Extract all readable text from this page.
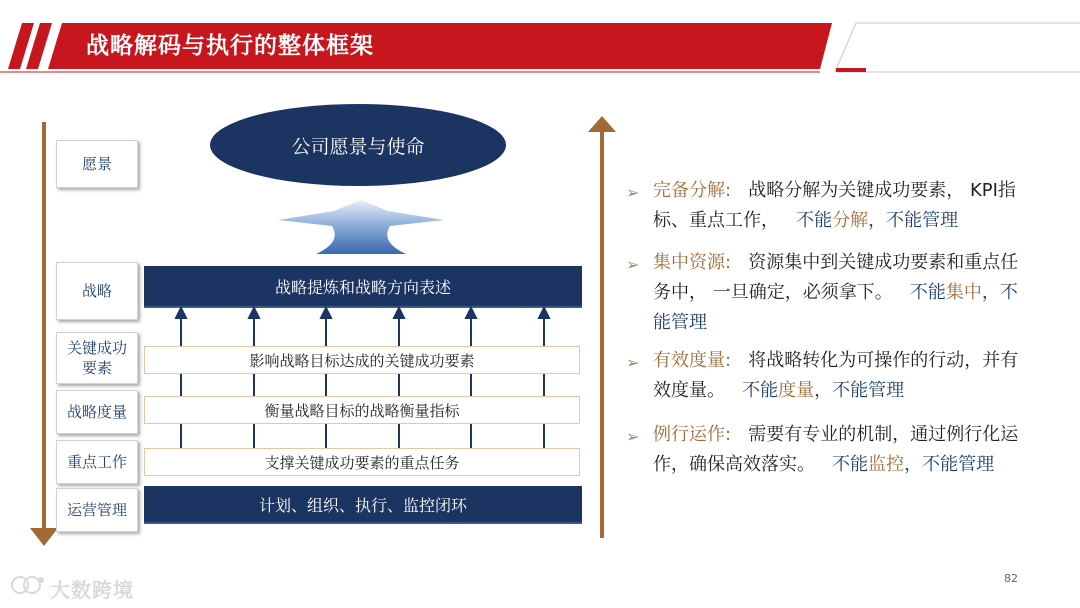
战略解码与执行的整体框架
愿景
战略
关键成功
要素
战略度量
重点工作
运营管理
公司愿景与使命
战略提炼和战略方向表述
影响战略目标达成的关键成功要素
衡量战略目标的战略衡量指标
支撑关键成功要素的重点任务
计划、组织、执行、监控闭环
➢ 完备分解: 战略分解为关键成功要素， KPI指标、重点工作， 不能分解，不能管理
➢ 集中资源: 资源集中到关键成功要素和重点任务中， 一旦确定，必须拿下。 不能集中，不能管理
➢ 有效度量: 将战略转化为可操作的行动，并有效度量。 不能度量，不能管理
➢ 例行运作: 需要有专业的机制，通过例行化运作，确保高效落实。 不能监控，不能管理
大数跨境	82
